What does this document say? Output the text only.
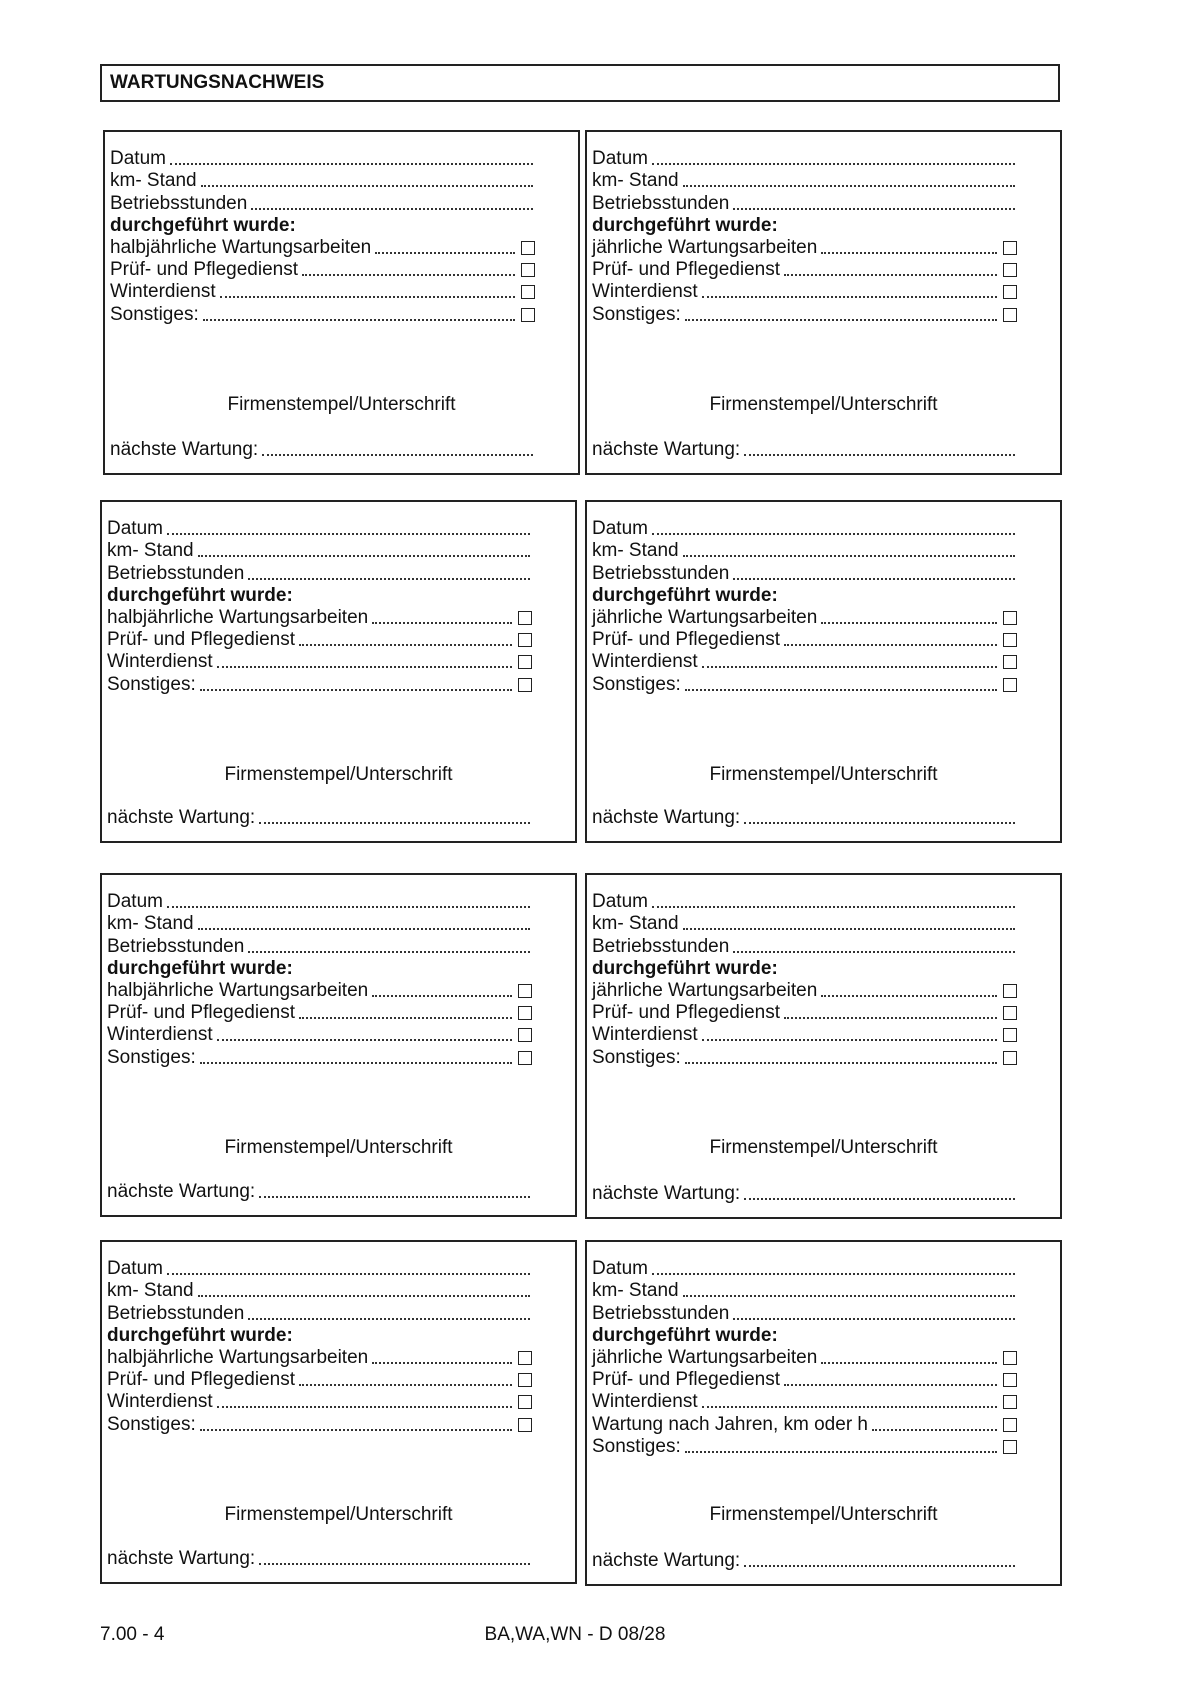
WARTUNGSNACHWEIS
Datum
km- Stand
Betriebsstunden
durchgeführt wurde:
halbjährliche Wartungsarbeiten
Prüf- und Pflegedienst
Winterdienst
Sonstiges:
Firmenstempel/Unterschrift
nächste Wartung:
Datum
km- Stand
Betriebsstunden
durchgeführt wurde:
jährliche Wartungsarbeiten
Prüf- und Pflegedienst
Winterdienst
Sonstiges:
Firmenstempel/Unterschrift
nächste Wartung:
Datum
km- Stand
Betriebsstunden
durchgeführt wurde:
halbjährliche Wartungsarbeiten
Prüf- und Pflegedienst
Winterdienst
Sonstiges:
Firmenstempel/Unterschrift
nächste Wartung:
Datum
km- Stand
Betriebsstunden
durchgeführt wurde:
jährliche Wartungsarbeiten
Prüf- und Pflegedienst
Winterdienst
Sonstiges:
Firmenstempel/Unterschrift
nächste Wartung:
Datum
km- Stand
Betriebsstunden
durchgeführt wurde:
halbjährliche Wartungsarbeiten
Prüf- und Pflegedienst
Winterdienst
Sonstiges:
Firmenstempel/Unterschrift
nächste Wartung:
Datum
km- Stand
Betriebsstunden
durchgeführt wurde:
jährliche Wartungsarbeiten
Prüf- und Pflegedienst
Winterdienst
Sonstiges:
Firmenstempel/Unterschrift
nächste Wartung:
Datum
km- Stand
Betriebsstunden
durchgeführt wurde:
halbjährliche Wartungsarbeiten
Prüf- und Pflegedienst
Winterdienst
Sonstiges:
Firmenstempel/Unterschrift
nächste Wartung:
Datum
km- Stand
Betriebsstunden
durchgeführt wurde:
jährliche Wartungsarbeiten
Prüf- und Pflegedienst
Winterdienst
Wartung nach Jahren, km oder h
Sonstiges:
Firmenstempel/Unterschrift
nächste Wartung:
7.00 - 4	BA,WA,WN - D 08/28
